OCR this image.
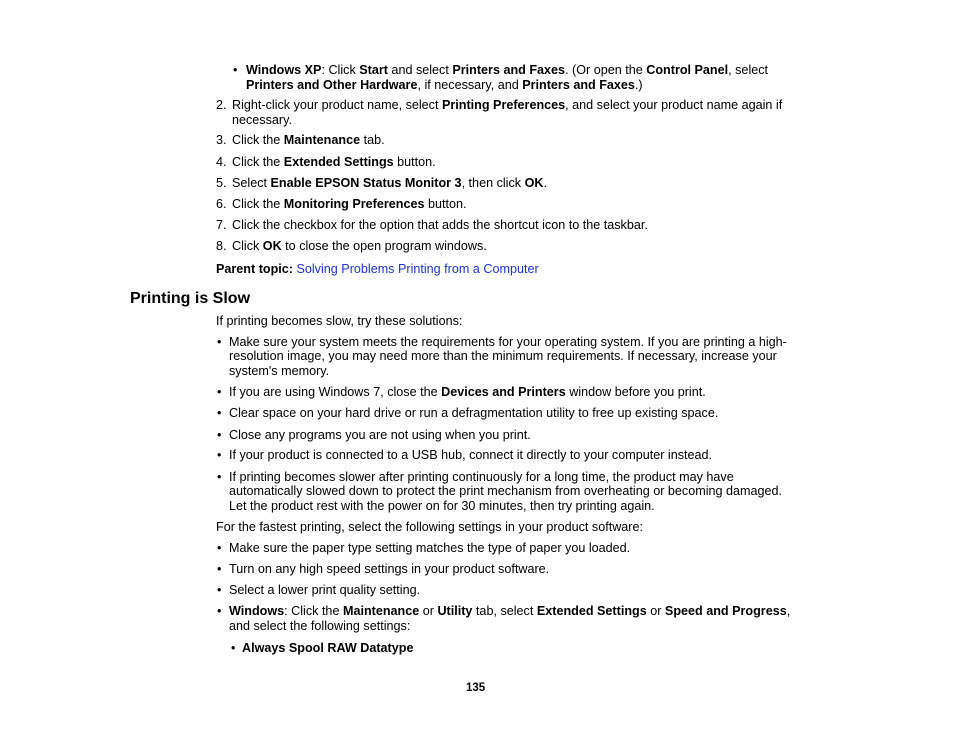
• Windows XP: Click Start and select Printers and Faxes. (Or open the Control Panel, select
Printers and Other Hardware, if necessary, and Printers and Faxes.)
Parent topic: Solving Problems Printing from a Computer
Printing is Slow
If printing becomes slow, try these solutions:
For the fastest printing, select the following settings in your product software:
• Always Spool RAW Datatype
135
2. Right-click your product name, select Printing Preferences, and select your product name again if
necessary.
3. Click the Maintenance tab.
4. Click the Extended Settings button.
5. Select Enable EPSON Status Monitor 3, then click OK.
6. Click the Monitoring Preferences button.
7. Click the checkbox for the option that adds the shortcut icon to the taskbar.
8. Click OK to close the open program windows.
• Make sure your system meets the requirements for your operating system. If you are printing a high-
resolution image, you may need more than the minimum requirements. If necessary, increase your
system's memory.
• If you are using Windows 7, close the Devices and Printers window before you print.
• Clear space on your hard drive or run a defragmentation utility to free up existing space.
• Close any programs you are not using when you print.
• If your product is connected to a USB hub, connect it directly to your computer instead.
• If printing becomes slower after printing continuously for a long time, the product may have
automatically slowed down to protect the print mechanism from overheating or becoming damaged.
Let the product rest with the power on for 30 minutes, then try printing again.
• Make sure the paper type setting matches the type of paper you loaded.
• Turn on any high speed settings in your product software.
• Select a lower print quality setting.
• Windows: Click the Maintenance or Utility tab, select Extended Settings or Speed and Progress,
and select the following settings:
